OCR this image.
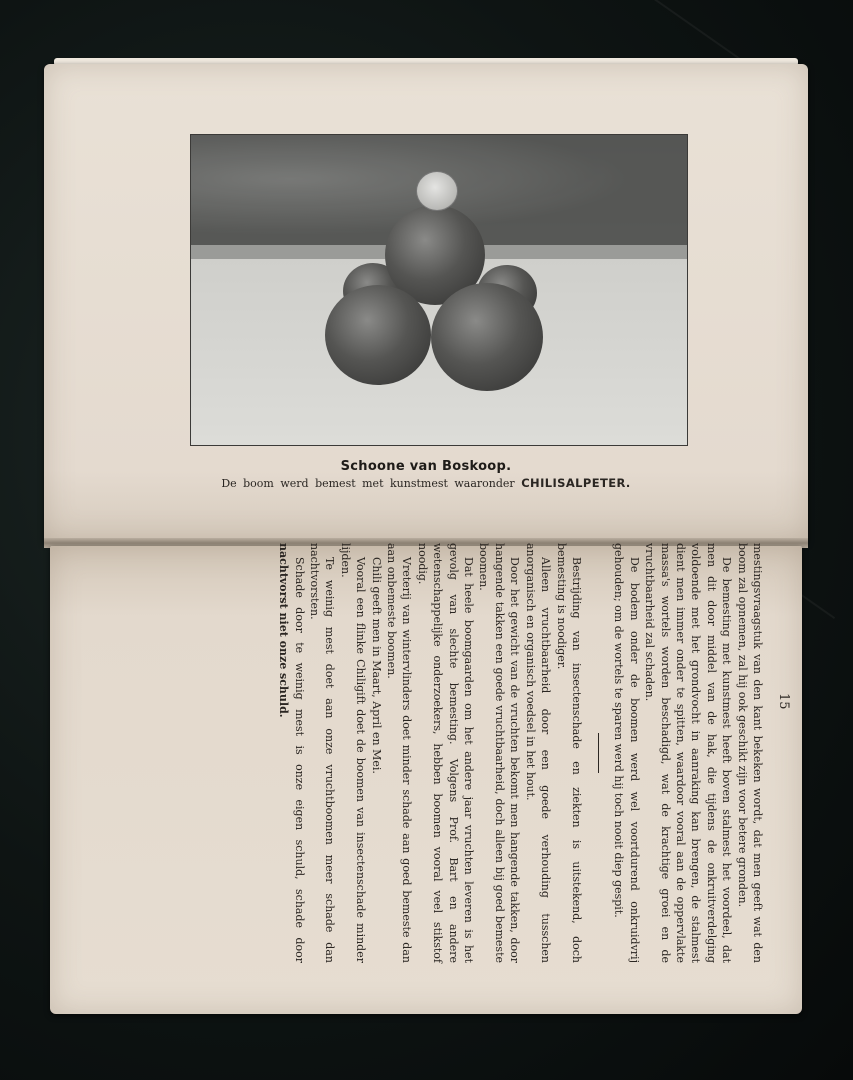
Schoone van Boskoop.
De boom werd bemest met kunstmest waaronder CHILISALPETER.
15

mestingsvraagstuk van den kant bekeken wordt, dat men geeft wat den boom zal opnemen, zal hij ook geschikt zijn voor betere gronden.

De bemesting met kunstmest heeft boven stalmest het voordeel, dat men dit door middel van de hak, die tijdens de onkruitverdelging voldoende met het grondvocht in aanraking kan brengen, de stalmest dient men immer onder te spitten, waardoor vooral aan de oppervlakte massa's wortels worden beschadigd, wat de krachtige groei en de vruchtbaarheid zal schaden.

De bodem onder de boomen werd wel voortdurend onkruidvrij gehouden; om de wortels te sparen werd hij toch nooit diep gespit.

Bestrijding van insectenschade en ziekten is uitstekend, doch bemesting is noodiger.

Alleen vruchtbaarheid door een goede verhouding tusschen anorganisch en organisch voedsel in het hout.

Door het gewicht van de vruchten bekomt men hangende takken, door hangende takken een goede vruchtbaarheid, doch alleen bij goed bemeste boomen.

Dat heele boomgaarden om het andere jaar vruchten leveren is het gevolg van slechte bemesting. Volgens Prof. Bart en andere wetenschappelijke onderzoekers, hebben boomen vooral veel stikstof noodig.

Vreterij van wintervlinders doet minder schade aan goed bemeste dan aan onbemeste boomen.

Chili geeft men in Maart, April en Mei.

Vooral een flinke Chiligift doet de boomen van insectenschade minder lijden.

Te weinig mest doet aan onze vruchtboomen meer schade dan nachtvorsten.

Schade door te weinig mest is onze eigen schuld, schade door nachtvorst niet onze schuld.
